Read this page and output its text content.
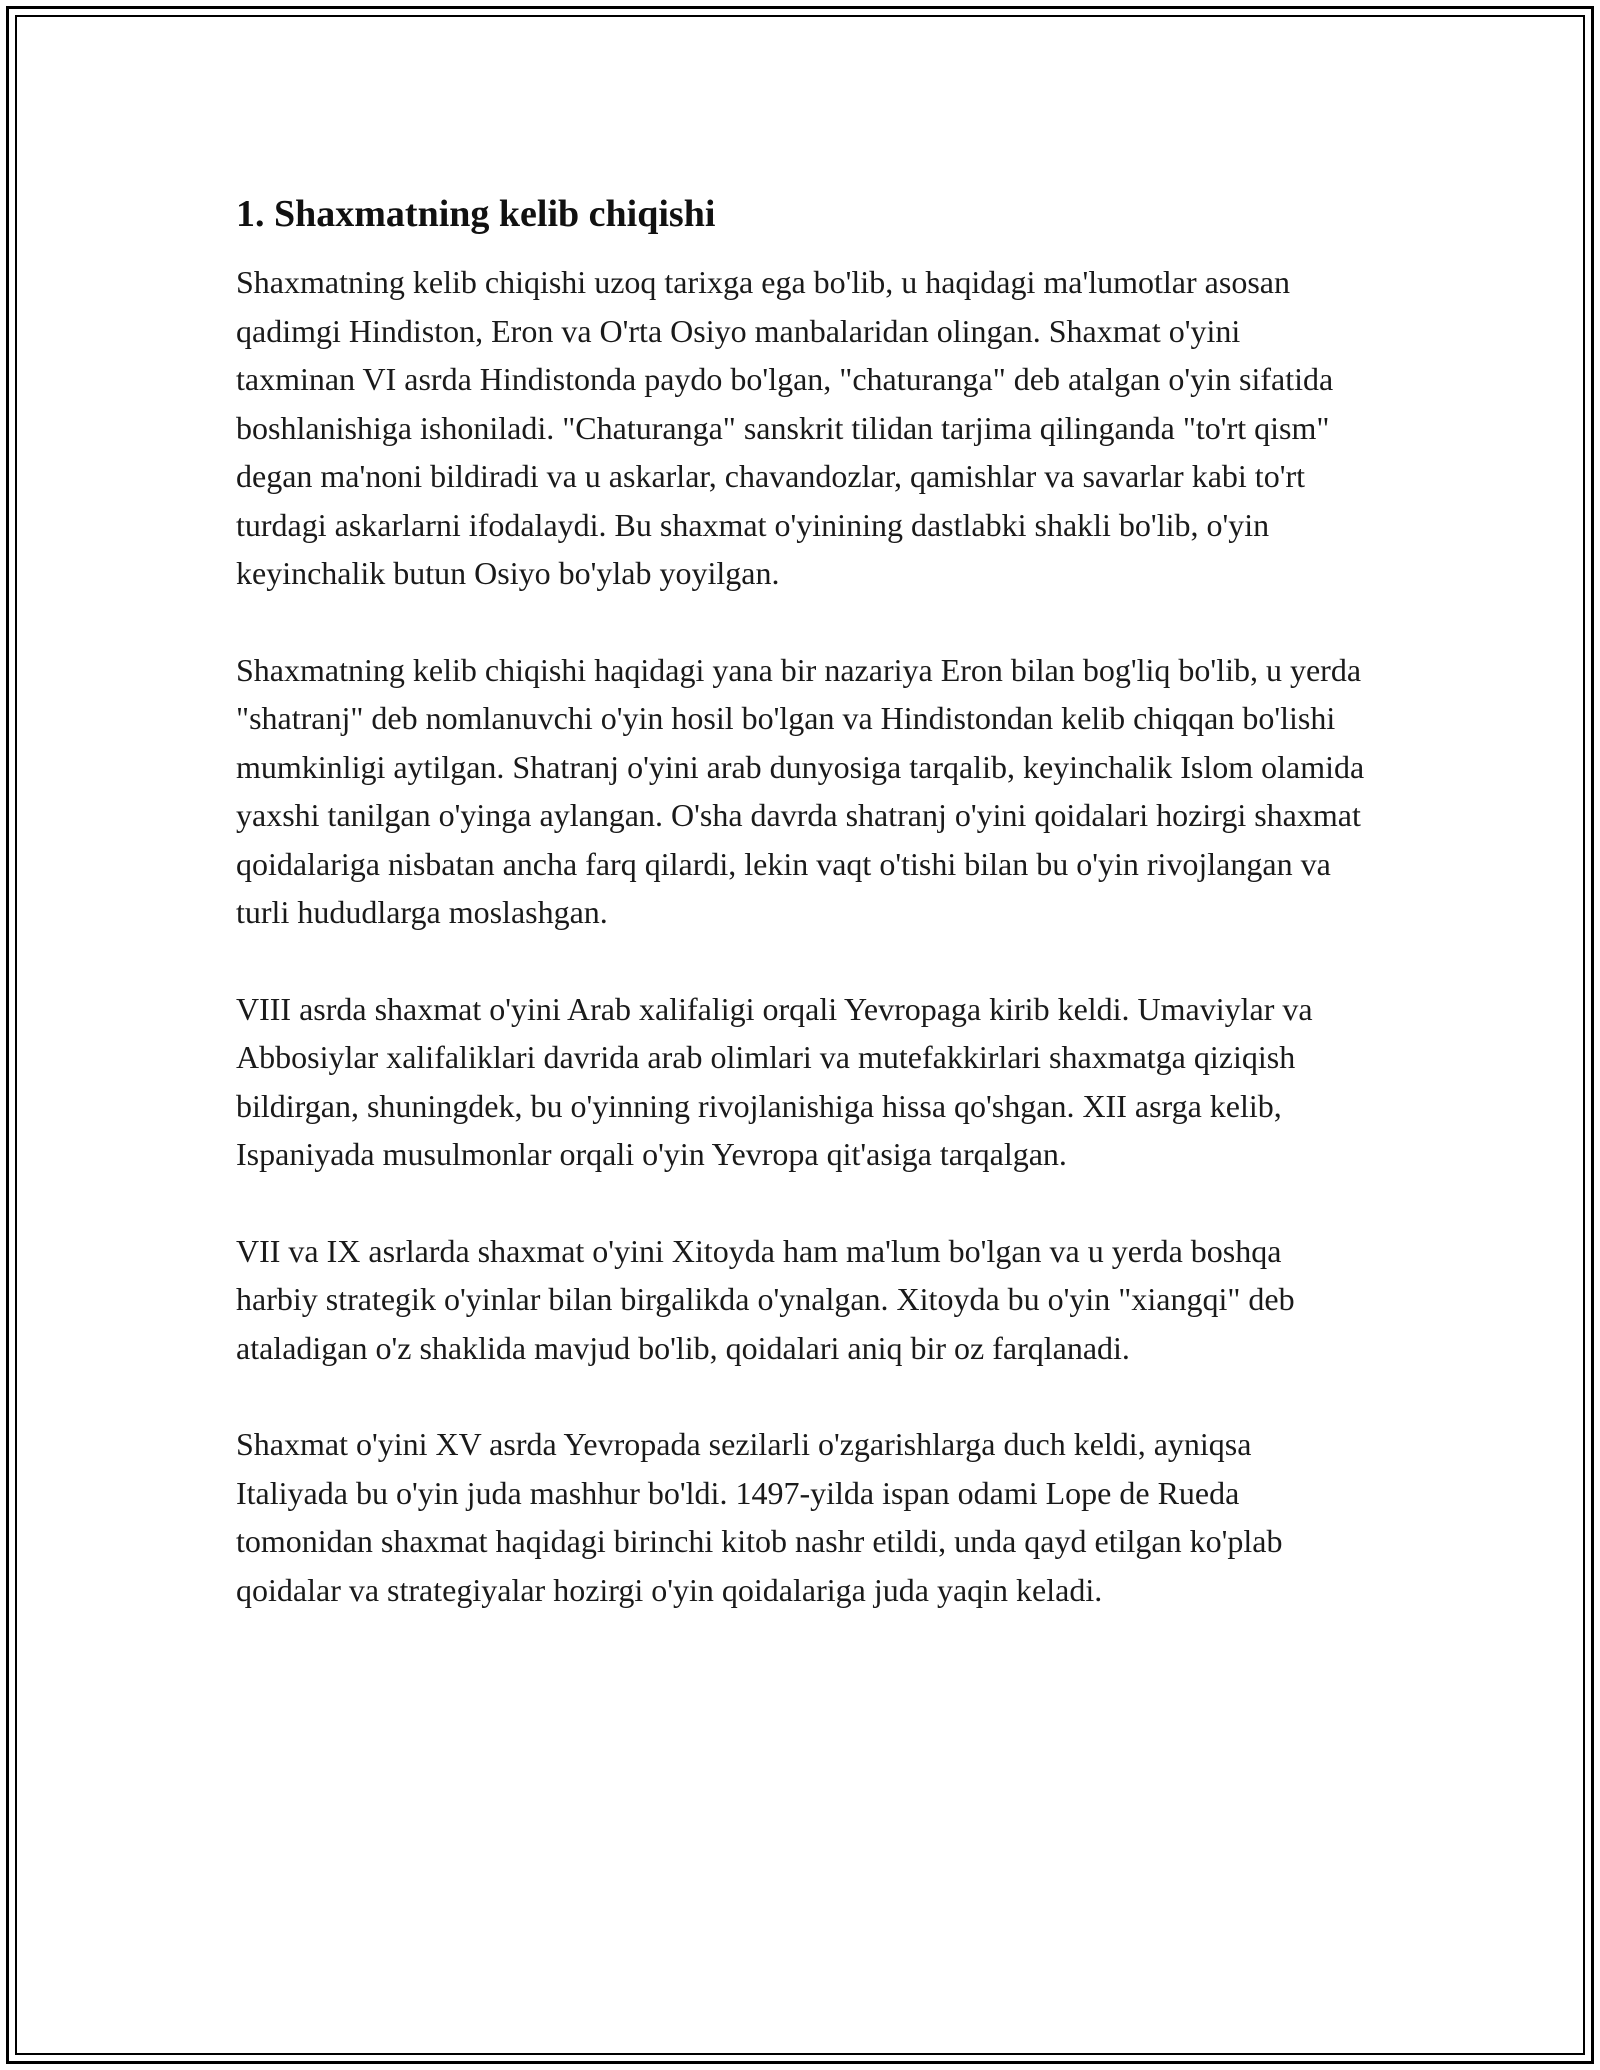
1. Shaxmatning kelib chiqishi

Shaxmatning kelib chiqishi uzoq tarixga ega bo'lib, u haqidagi ma'lumotlar asosan qadimgi Hindiston, Eron va O'rta Osiyo manbalaridan olingan. Shaxmat o'yini taxminan VI asrda Hindistonda paydo bo'lgan, "chaturanga" deb atalgan o'yin sifatida boshlanishiga ishoniladi. "Chaturanga" sanskrit tilidan tarjima qilinganda "to'rt qism" degan ma'noni bildiradi va u askarlar, chavandozlar, qamishlar va savarlar kabi to'rt turdagi askarlarni ifodalaydi. Bu shaxmat o'yinining dastlabki shakli bo'lib, o'yin keyinchalik butun Osiyo bo'ylab yoyilgan.

Shaxmatning kelib chiqishi haqidagi yana bir nazariya Eron bilan bog'liq bo'lib, u yerda "shatranj" deb nomlanuvchi o'yin hosil bo'lgan va Hindistondan kelib chiqqan bo'lishi mumkinligi aytilgan. Shatranj o'yini arab dunyosiga tarqalib, keyinchalik Islom olamida yaxshi tanilgan o'yinga aylangan. O'sha davrda shatranj o'yini qoidalari hozirgi shaxmat qoidalariga nisbatan ancha farq qilardi, lekin vaqt o'tishi bilan bu o'yin rivojlangan va turli hududlarga moslashgan.

VIII asrda shaxmat o'yini Arab xalifaligi orqali Yevropaga kirib keldi. Umaviylar va Abbosiylar xalifaliklari davrida arab olimlari va mutefakkirlari shaxmatga qiziqish bildirgan, shuningdek, bu o'yinning rivojlanishiga hissa qo'shgan. XII asrga kelib, Ispaniyada musulmonlar orqali o'yin Yevropa qit'asiga tarqalgan.

VII va IX asrlarda shaxmat o'yini Xitoyda ham ma'lum bo'lgan va u yerda boshqa harbiy strategik o'yinlar bilan birgalikda o'ynalgan. Xitoyda bu o'yin "xiangqi" deb ataladigan o'z shaklida mavjud bo'lib, qoidalari aniq bir oz farqlanadi.

Shaxmat o'yini XV asrda Yevropada sezilarli o'zgarishlarga duch keldi, ayniqsa Italiyada bu o'yin juda mashhur bo'ldi. 1497-yilda ispan odami Lope de Rueda tomonidan shaxmat haqidagi birinchi kitob nashr etildi, unda qayd etilgan ko'plab qoidalar va strategiyalar hozirgi o'yin qoidalariga juda yaqin keladi.
